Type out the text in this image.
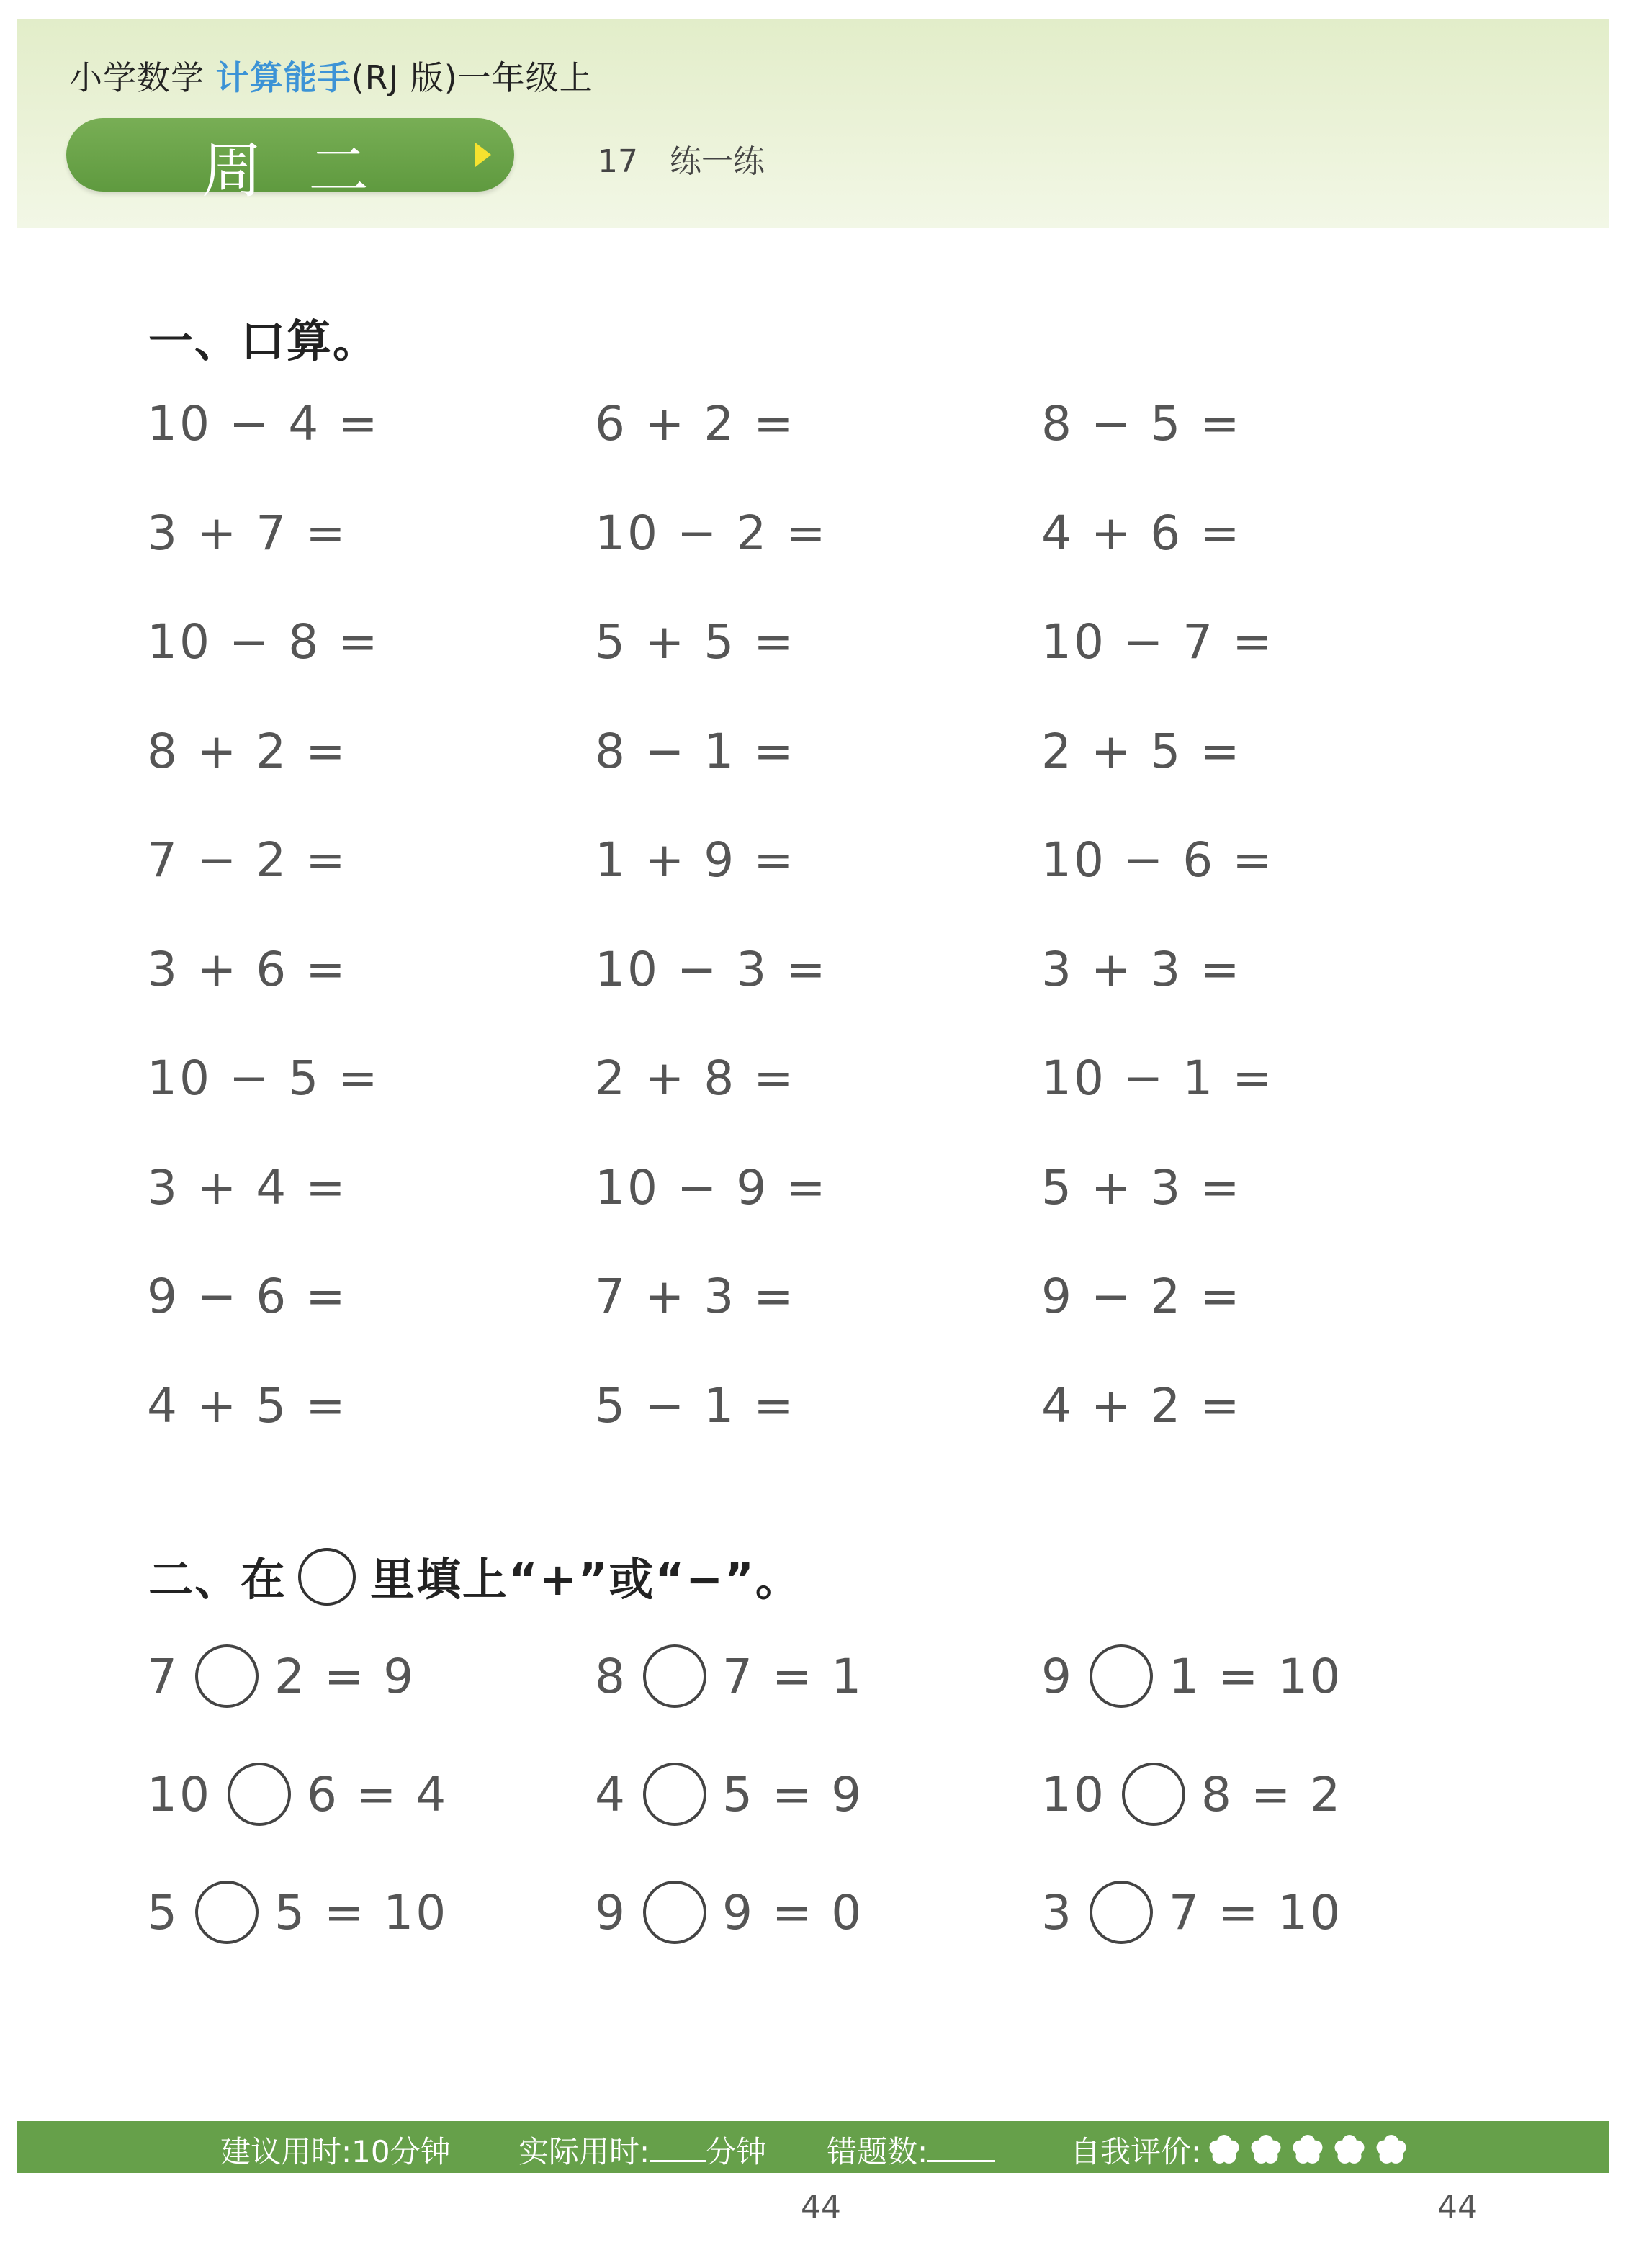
小学数学 计算能手(RJ 版)一年级上
周二	17 练一练
一、口算。
10 − 4 =	6 + 2 =	8 − 5 =
3 + 7 =	10 − 2 =	4 + 6 =
10 − 8 =	5 + 5 =	10 − 7 =
8 + 2 =	8 − 1 =	2 + 5 =
7 − 2 =	1 + 9 =	10 − 6 =
3 + 6 =	10 − 3 =	3 + 3 =
10 − 5 =	2 + 8 =	10 − 1 =
3 + 4 =	10 − 9 =	5 + 3 =
9 − 6 =	7 + 3 =	9 − 2 =
4 + 5 =	5 − 1 =	4 + 2 =
二、在 里填上“+”或“−”。
7 2 = 9	8 7 = 1	9 1 = 10
10 6 = 4	4 5 = 9	10 8 = 2
5 5 = 10	9 9 = 0	3 7 = 10
建议用时:10分钟 实际用时: 分钟 错题数:	自我评价:
44	44
